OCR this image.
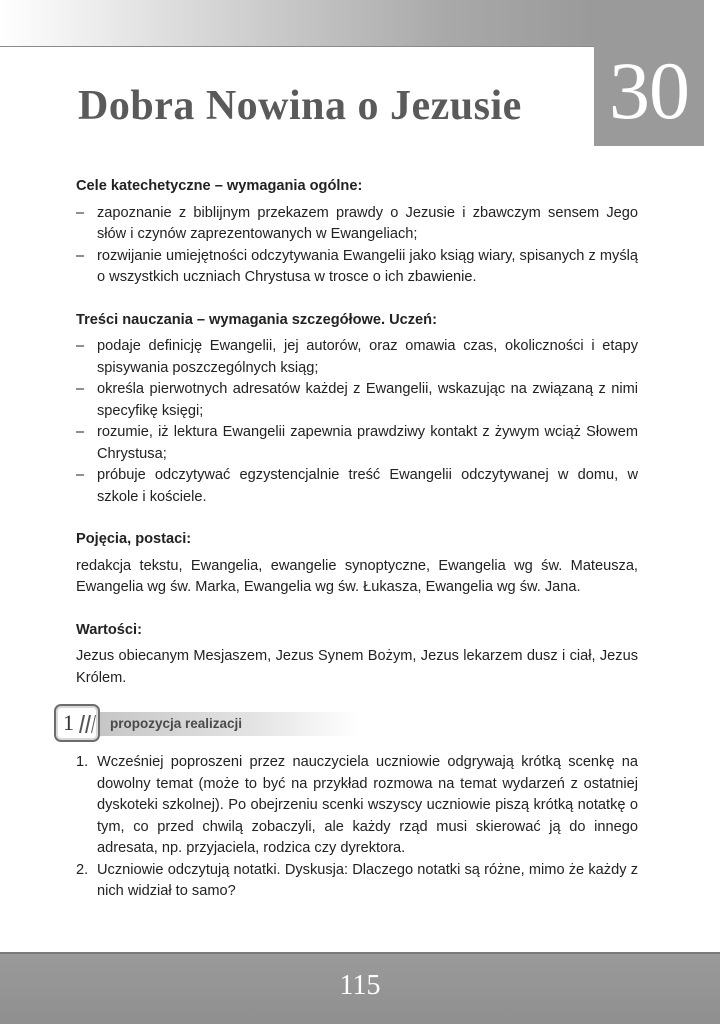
30
Dobra Nowina o Jezusie
Cele katechetyczne – wymagania ogólne:
– zapoznanie z biblijnym przekazem prawdy o Jezusie i zbawczym sensem Jego słów i czynów zaprezentowanych w Ewangeliach;
– rozwijanie umiejętności odczytywania Ewangelii jako ksiąg wiary, spisanych z myślą o wszystkich uczniach Chrystusa w trosce o ich zbawienie.
Treści nauczania – wymagania szczegółowe. Uczeń:
– podaje definicję Ewangelii, jej autorów, oraz omawia czas, okoliczności i etapy spisywania poszczególnych ksiąg;
– określa pierwotnych adresatów każdej z Ewangelii, wskazując na związaną z nimi specyfikę księgi;
– rozumie, iż lektura Ewangelii zapewnia prawdziwy kontakt z żywym wciąż Słowem Chrystusa;
– próbuje odczytywać egzystencjalnie treść Ewangelii odczytywanej w domu, w szkole i kościele.
Pojęcia, postaci:

redakcja tekstu, Ewangelia, ewangelie synoptyczne, Ewangelia wg św. Mateusza, Ewangelia wg św. Marka, Ewangelia wg św. Łukasza, Ewangelia wg św. Jana.

Wartości:

Jezus obiecanym Mesjaszem, Jezus Synem Bożym, Jezus lekarzem dusz i ciał, Jezus Królem.

propozycja realizacji
1
1. Wcześniej poproszeni przez nauczyciela uczniowie odgrywają krótką scenkę na dowolny temat (może to być na przykład rozmowa na temat wydarzeń z ostatniej dyskoteki szkolnej). Po obejrzeniu scenki wszyscy uczniowie piszą krótką notatkę o tym, co przed chwilą zobaczyli, ale każdy rząd musi skierować ją do innego adresata, np. przyjaciela, rodzica czy dyrektora.
2. Uczniowie odczytują notatki. Dyskusja: Dlaczego notatki są różne, mimo że każdy z nich widział to samo?
115
